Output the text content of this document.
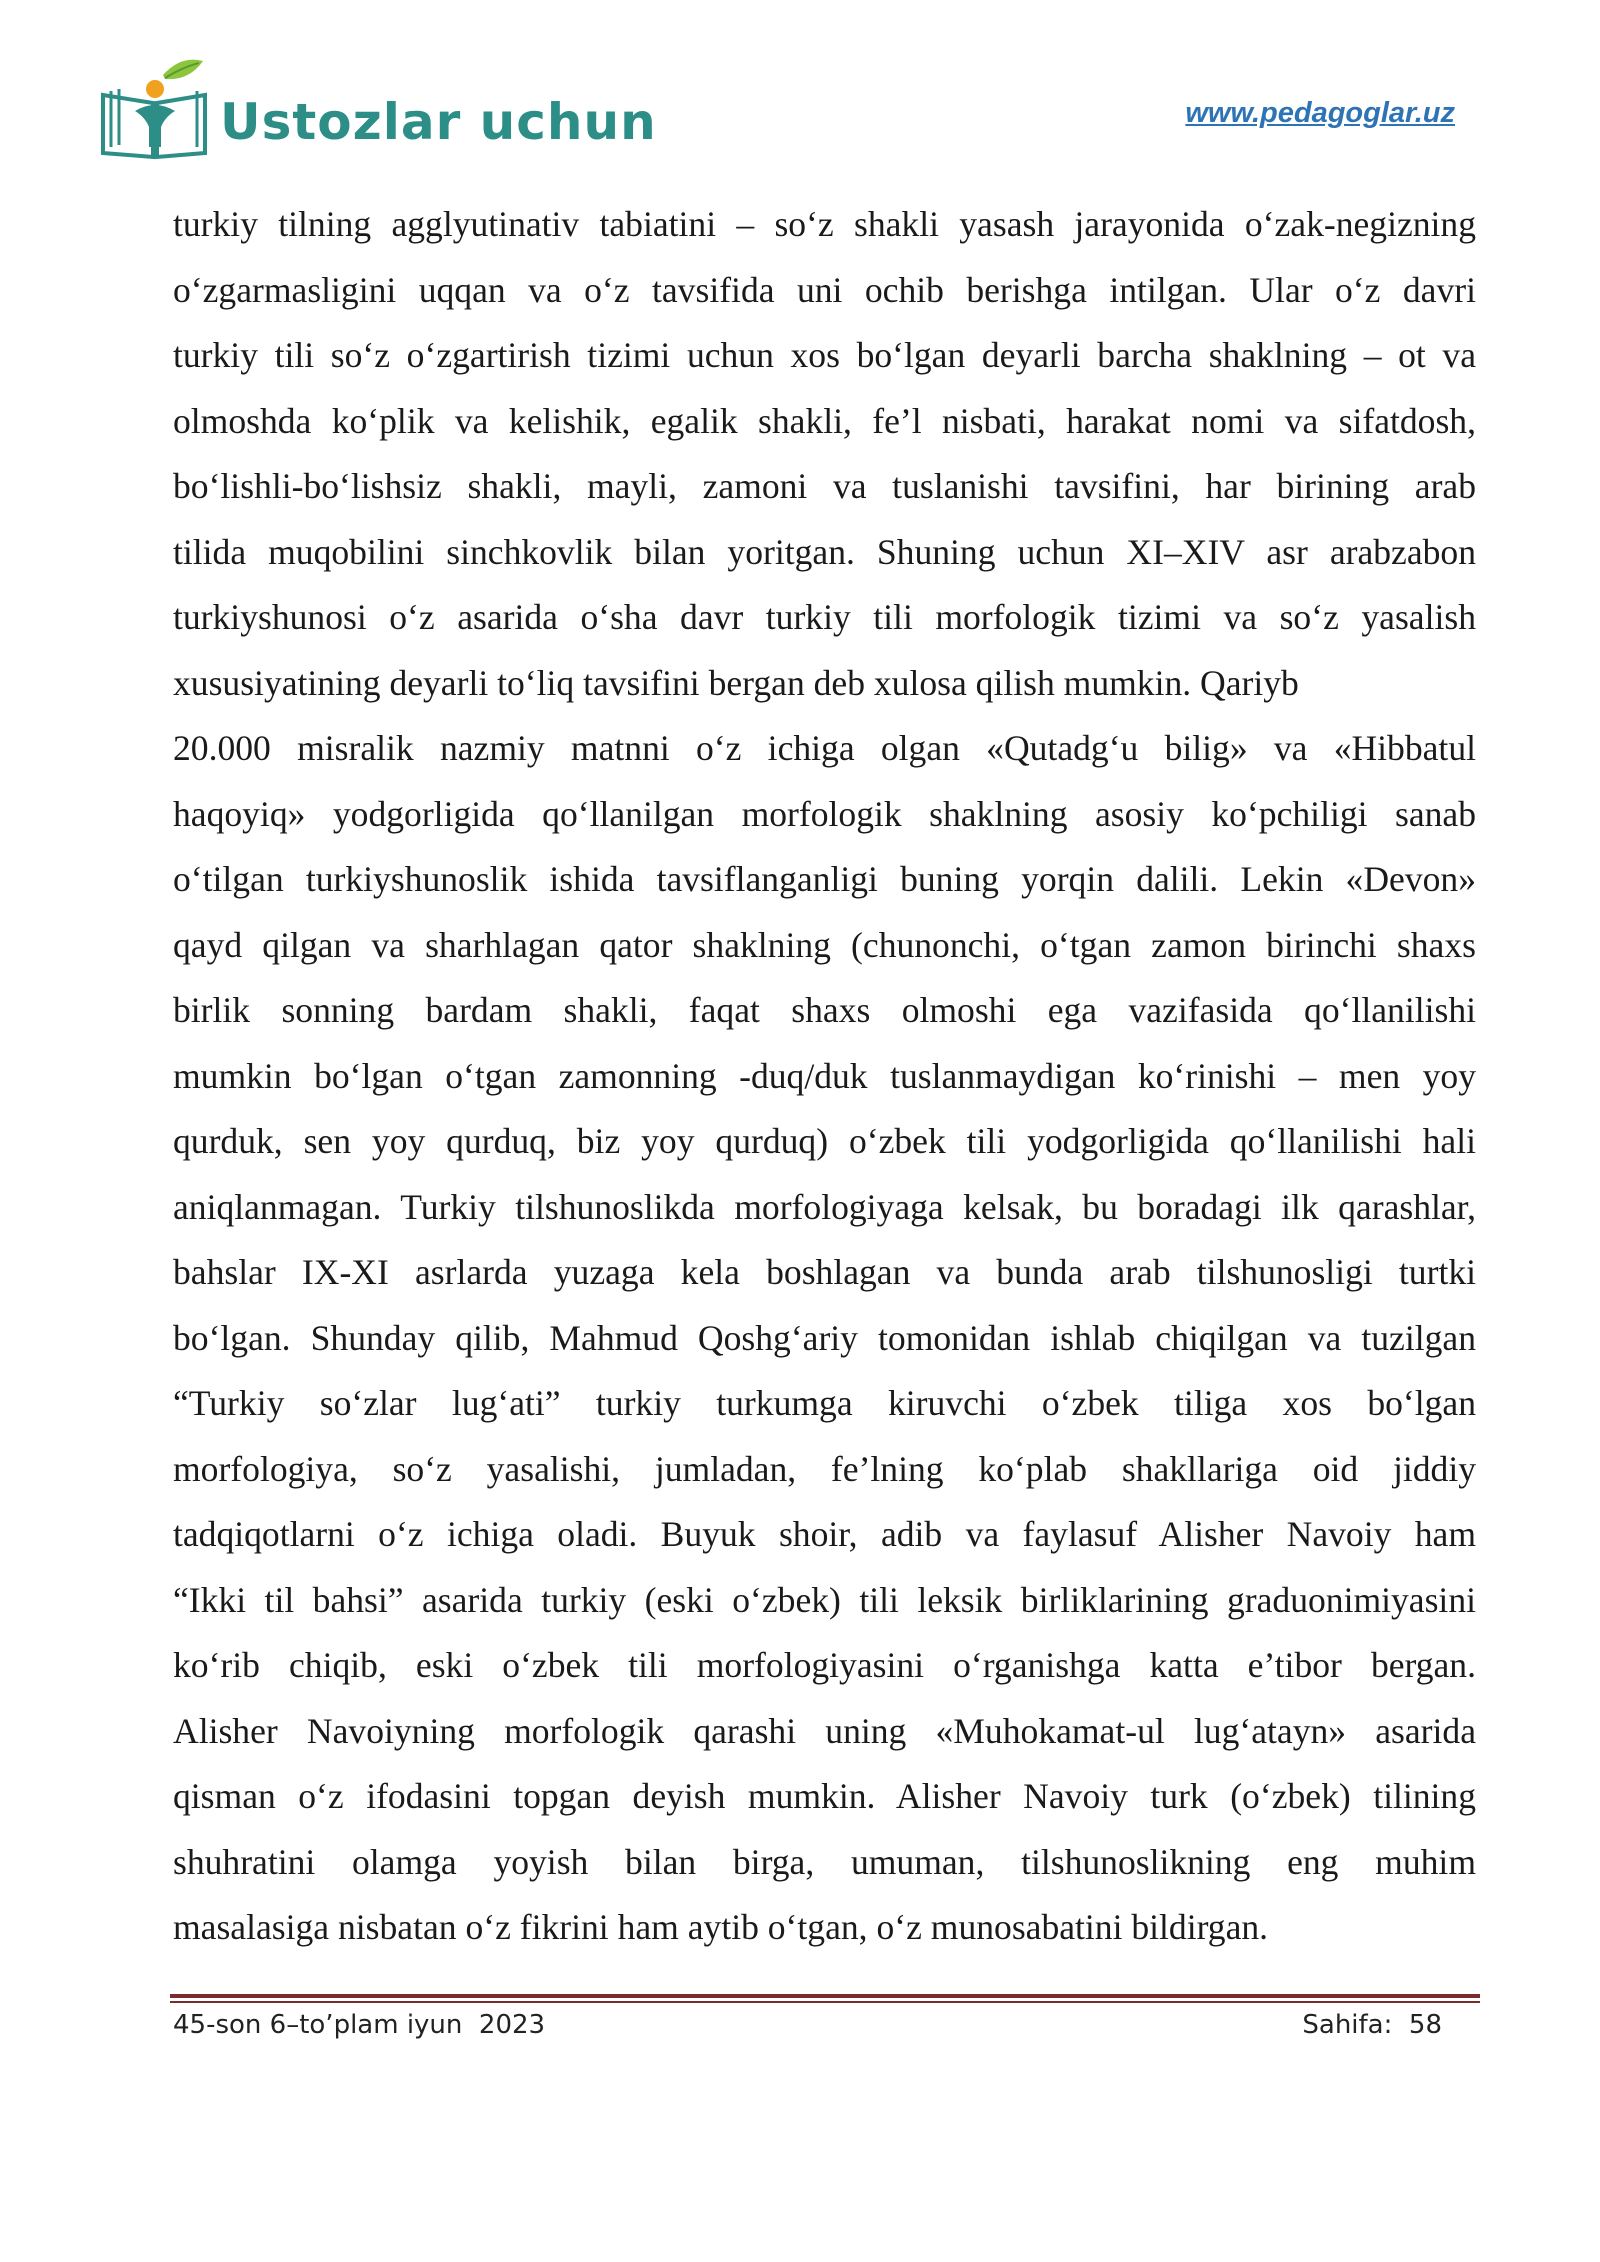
Ustozlar uchun	www.pedagoglar.uz
turkiy tilning agglyutinativ tabiatini – so‘z shakli yasash jarayonida o‘zak-negizning
o‘zgarmasligini uqqan va o‘z tavsifida uni ochib berishga intilgan. Ular o‘z davri
turkiy tili so‘z o‘zgartirish tizimi uchun xos bo‘lgan deyarli barcha shaklning – ot va
olmoshda ko‘plik va kelishik, egalik shakli, fe’l nisbati, harakat nomi va sifatdosh,
bo‘lishli-bo‘lishsiz shakli, mayli, zamoni va tuslanishi tavsifini, har birining arab
tilida muqobilini sinchkovlik bilan yoritgan. Shuning uchun XI–XIV asr arabzabon
turkiyshunosi o‘z asarida o‘sha davr turkiy tili morfologik tizimi va so‘z yasalish
xususiyatining deyarli to‘liq tavsifini bergan deb xulosa qilish mumkin. Qariyb
20.000 misralik nazmiy matnni o‘z ichiga olgan «Qutadg‘u bilig» va «Hibbatul
haqoyiq» yodgorligida qo‘llanilgan morfologik shaklning asosiy ko‘pchiligi sanab
o‘tilgan turkiyshunoslik ishida tavsiflanganligi buning yorqin dalili. Lekin «Devon»
qayd qilgan va sharhlagan qator shaklning (chunonchi, o‘tgan zamon birinchi shaxs
birlik sonning bardam shakli, faqat shaxs olmoshi ega vazifasida qo‘llanilishi
mumkin bo‘lgan o‘tgan zamonning -duq/duk tuslanmaydigan ko‘rinishi – men yoy
qurduk, sen yoy qurduq, biz yoy qurduq) o‘zbek tili yodgorligida qo‘llanilishi hali
aniqlanmagan. Turkiy tilshunoslikda morfologiyaga kelsak, bu boradagi ilk qarashlar,
bahslar IX-XI asrlarda yuzaga kela boshlagan va bunda arab tilshunosligi turtki
bo‘lgan. Shunday qilib, Mahmud Qoshg‘ariy tomonidan ishlab chiqilgan va tuzilgan
“Turkiy so‘zlar lug‘ati” turkiy turkumga kiruvchi o‘zbek tiliga xos bo‘lgan
morfologiya, so‘z yasalishi, jumladan, fe’lning ko‘plab shakllariga oid jiddiy
tadqiqotlarni o‘z ichiga oladi. Buyuk shoir, adib va faylasuf Alisher Navoiy ham
“Ikki til bahsi” asarida turkiy (eski o‘zbek) tili leksik birliklarining graduonimiyasini
ko‘rib chiqib, eski o‘zbek tili morfologiyasini o‘rganishga katta e’tibor bergan.
Alisher Navoiyning morfologik qarashi uning «Muhokamat-ul lug‘atayn» asarida
qisman o‘z ifodasini topgan deyish mumkin. Alisher Navoiy turk (o‘zbek) tilining
shuhratini olamga yoyish bilan birga, umuman, tilshunoslikning eng muhim
masalasiga nisbatan o‘z fikrini ham aytib o‘tgan, o‘z munosabatini bildirgan.
45-son 6–to’plam iyun  2023	Sahifa:  58
